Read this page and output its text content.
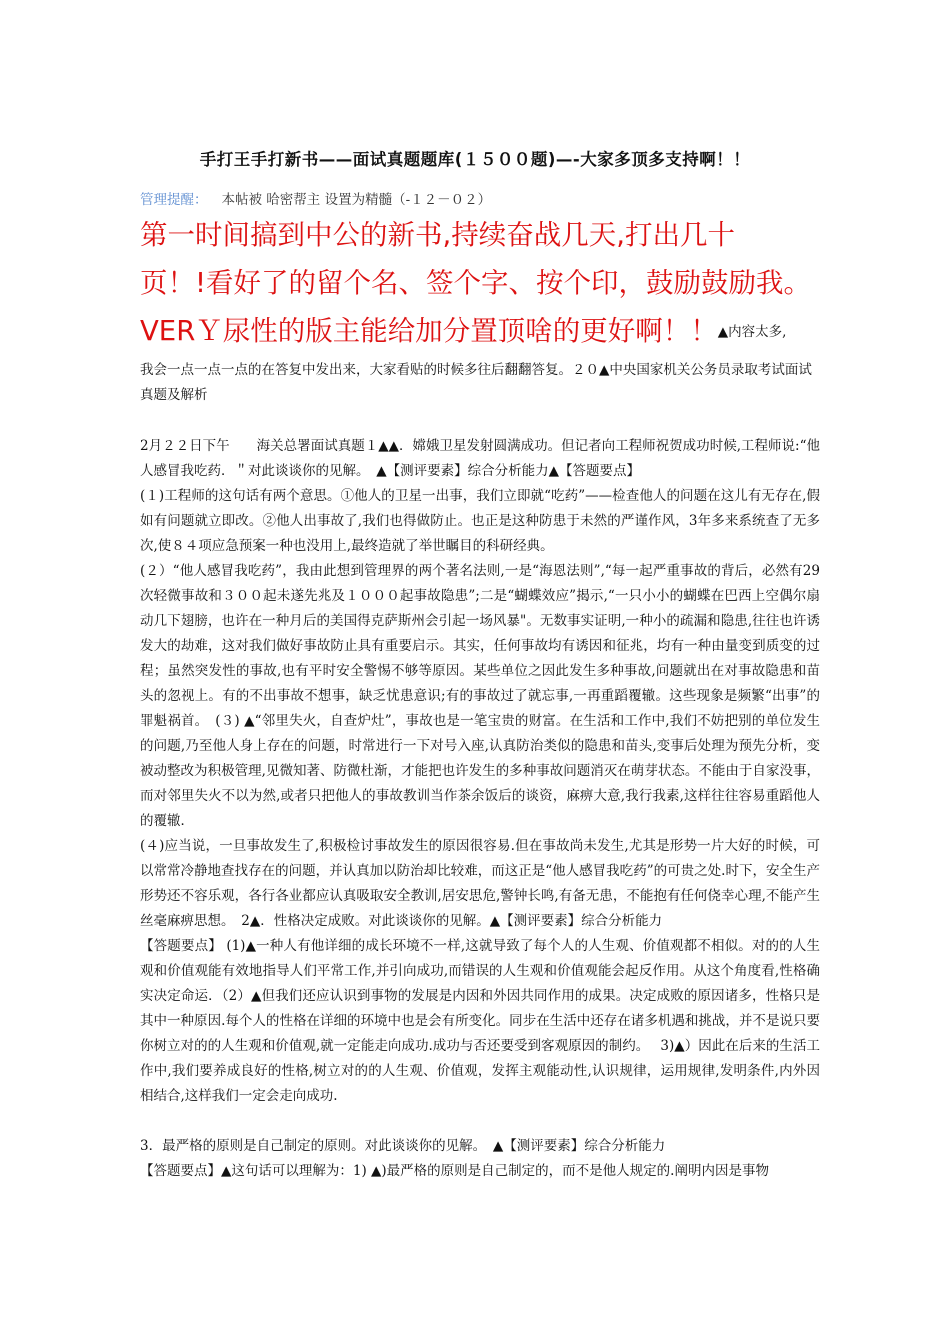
手打王手打新书——面试真题题库(１５００题)—-大家多顶多支持啊！！
管理提醒： 本帖被 哈密帮主 设置为精髓（-１２－０２）
第一时间搞到中公的新书,持续奋战几天,打出几十
页！!看好了的留个名、签个字、按个印，鼓励鼓励我。
VERＹ尿性的版主能给加分置顶啥的更好啊！！▲内容太多,
我会一点一点一点的在答复中发出来，大家看贴的时候多往后翻翻答复。２０▲中央国家机关公务员录取考试面试真题及解析

2月２２日下午　　海关总署面试真题１▲▲．嫦娥卫星发射圆满成功。但记者向工程师祝贺成功时候,工程师说:“他人感冒我吃药．＂对此谈谈你的见解。　▲【测评要素】综合分析能力▲【答题要点】

(１)工程师的这句话有两个意思。①他人的卫星一出事，我们立即就“吃药”——检查他人的问题在这儿有无存在,假如有问题就立即改。②他人出事故了,我们也得做防止。也正是这种防患于未然的严谨作风，3年多来系统查了无多次,使８４项应急预案一种也没用上,最终造就了举世瞩目的科研经典。

(２）“他人感冒我吃药”，我由此想到管理界的两个著名法则,一是“海恩法则”,“每一起严重事故的背后，必然有29次轻微事故和３００起未遂先兆及１０００起事故隐患”;二是“蝴蝶效应”揭示,“一只小小的蝴蝶在巴西上空偶尔扇动几下翅膀，也许在一种月后的美国得克萨斯州会引起一场风暴"。无数事实证明,一种小的疏漏和隐患,往往也许诱发大的劫难，这对我们做好事故防止具有重要启示。其实，任何事故均有诱因和征兆，均有一种由量变到质变的过程；虽然突发性的事故,也有平时安全警惕不够等原因。某些单位之因此发生多种事故,问题就出在对事故隐患和苗头的忽视上。有的不出事故不想事，缺乏忧患意识;有的事故过了就忘事,一再重蹈覆辙。这些现象是频繁“出事”的罪魁祸首。　(３) ▲“邻里失火，自查炉灶”，事故也是一笔宝贵的财富。在生活和工作中,我们不妨把别的单位发生的问题,乃至他人身上存在的问题，时常进行一下对号入座,认真防治类似的隐患和苗头,变事后处理为预先分析，变被动整改为积极管理,见微知著、防微杜渐，才能把也许发生的多种事故问题消灭在萌芽状态。不能由于自家没事，而对邻里失火不以为然,或者只把他人的事故教训当作茶余饭后的谈资，麻痹大意,我行我素,这样往往容易重蹈他人的覆辙．

(４)应当说，一旦事故发生了,积极检讨事故发生的原因很容易.但在事故尚未发生,尤其是形势一片大好的时候，可以常常冷静地查找存在的问题，并认真加以防治却比较难，而这正是“他人感冒我吃药”的可贵之处.时下，安全生产形势还不容乐观，各行各业都应认真吸取安全教训,居安思危,警钟长鸣,有备无患，不能抱有任何侥幸心理,不能产生丝毫麻痹思想。　2▲．性格决定成败。对此谈谈你的见解。▲【测评要素】综合分析能力

【答题要点】 (1)▲一种人有他详细的成长环境不一样,这就导致了每个人的人生观、价值观都不相似。对的的人生观和价值观能有效地指导人们平常工作,并引向成功,而错误的人生观和价值观能会起反作用。从这个角度看,性格确实决定命运．（2）▲但我们还应认识到事物的发展是内因和外因共同作用的成果。决定成败的原因诸多，性格只是其中一种原因.每个人的性格在详细的环境中也是会有所变化。同步在生活中还存在诸多机遇和挑战，并不是说只要你树立对的的人生观和价值观,就一定能走向成功.成功与否还要受到客观原因的制约。　 3)▲）因此在后来的生活工作中,我们要养成良好的性格,树立对的的人生观、价值观，发挥主观能动性,认识规律，运用规律,发明条件,内外因相结合,这样我们一定会走向成功.

3．最严格的原则是自己制定的原则。对此谈谈你的见解。　▲【测评要素】综合分析能力

【答题要点】▲这句话可以理解为：1) ▲)最严格的原则是自己制定的，而不是他人规定的.阐明内因是事物
